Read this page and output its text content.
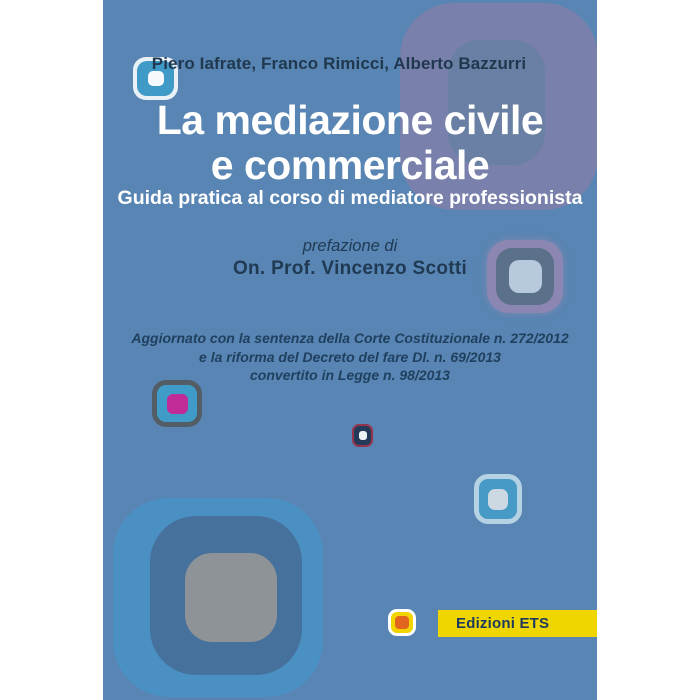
Piero Iafrate, Franco Rimicci, Alberto Bazzurri
La mediazione civile
e commerciale
Guida pratica al corso di mediatore professionista
prefazione di
On. Prof. Vincenzo Scotti
Aggiornato con la sentenza della Corte Costituzionale n. 272/2012
e la riforma del Decreto del fare Dl. n. 69/2013
convertito in Legge n. 98/2013
Edizioni ETS
